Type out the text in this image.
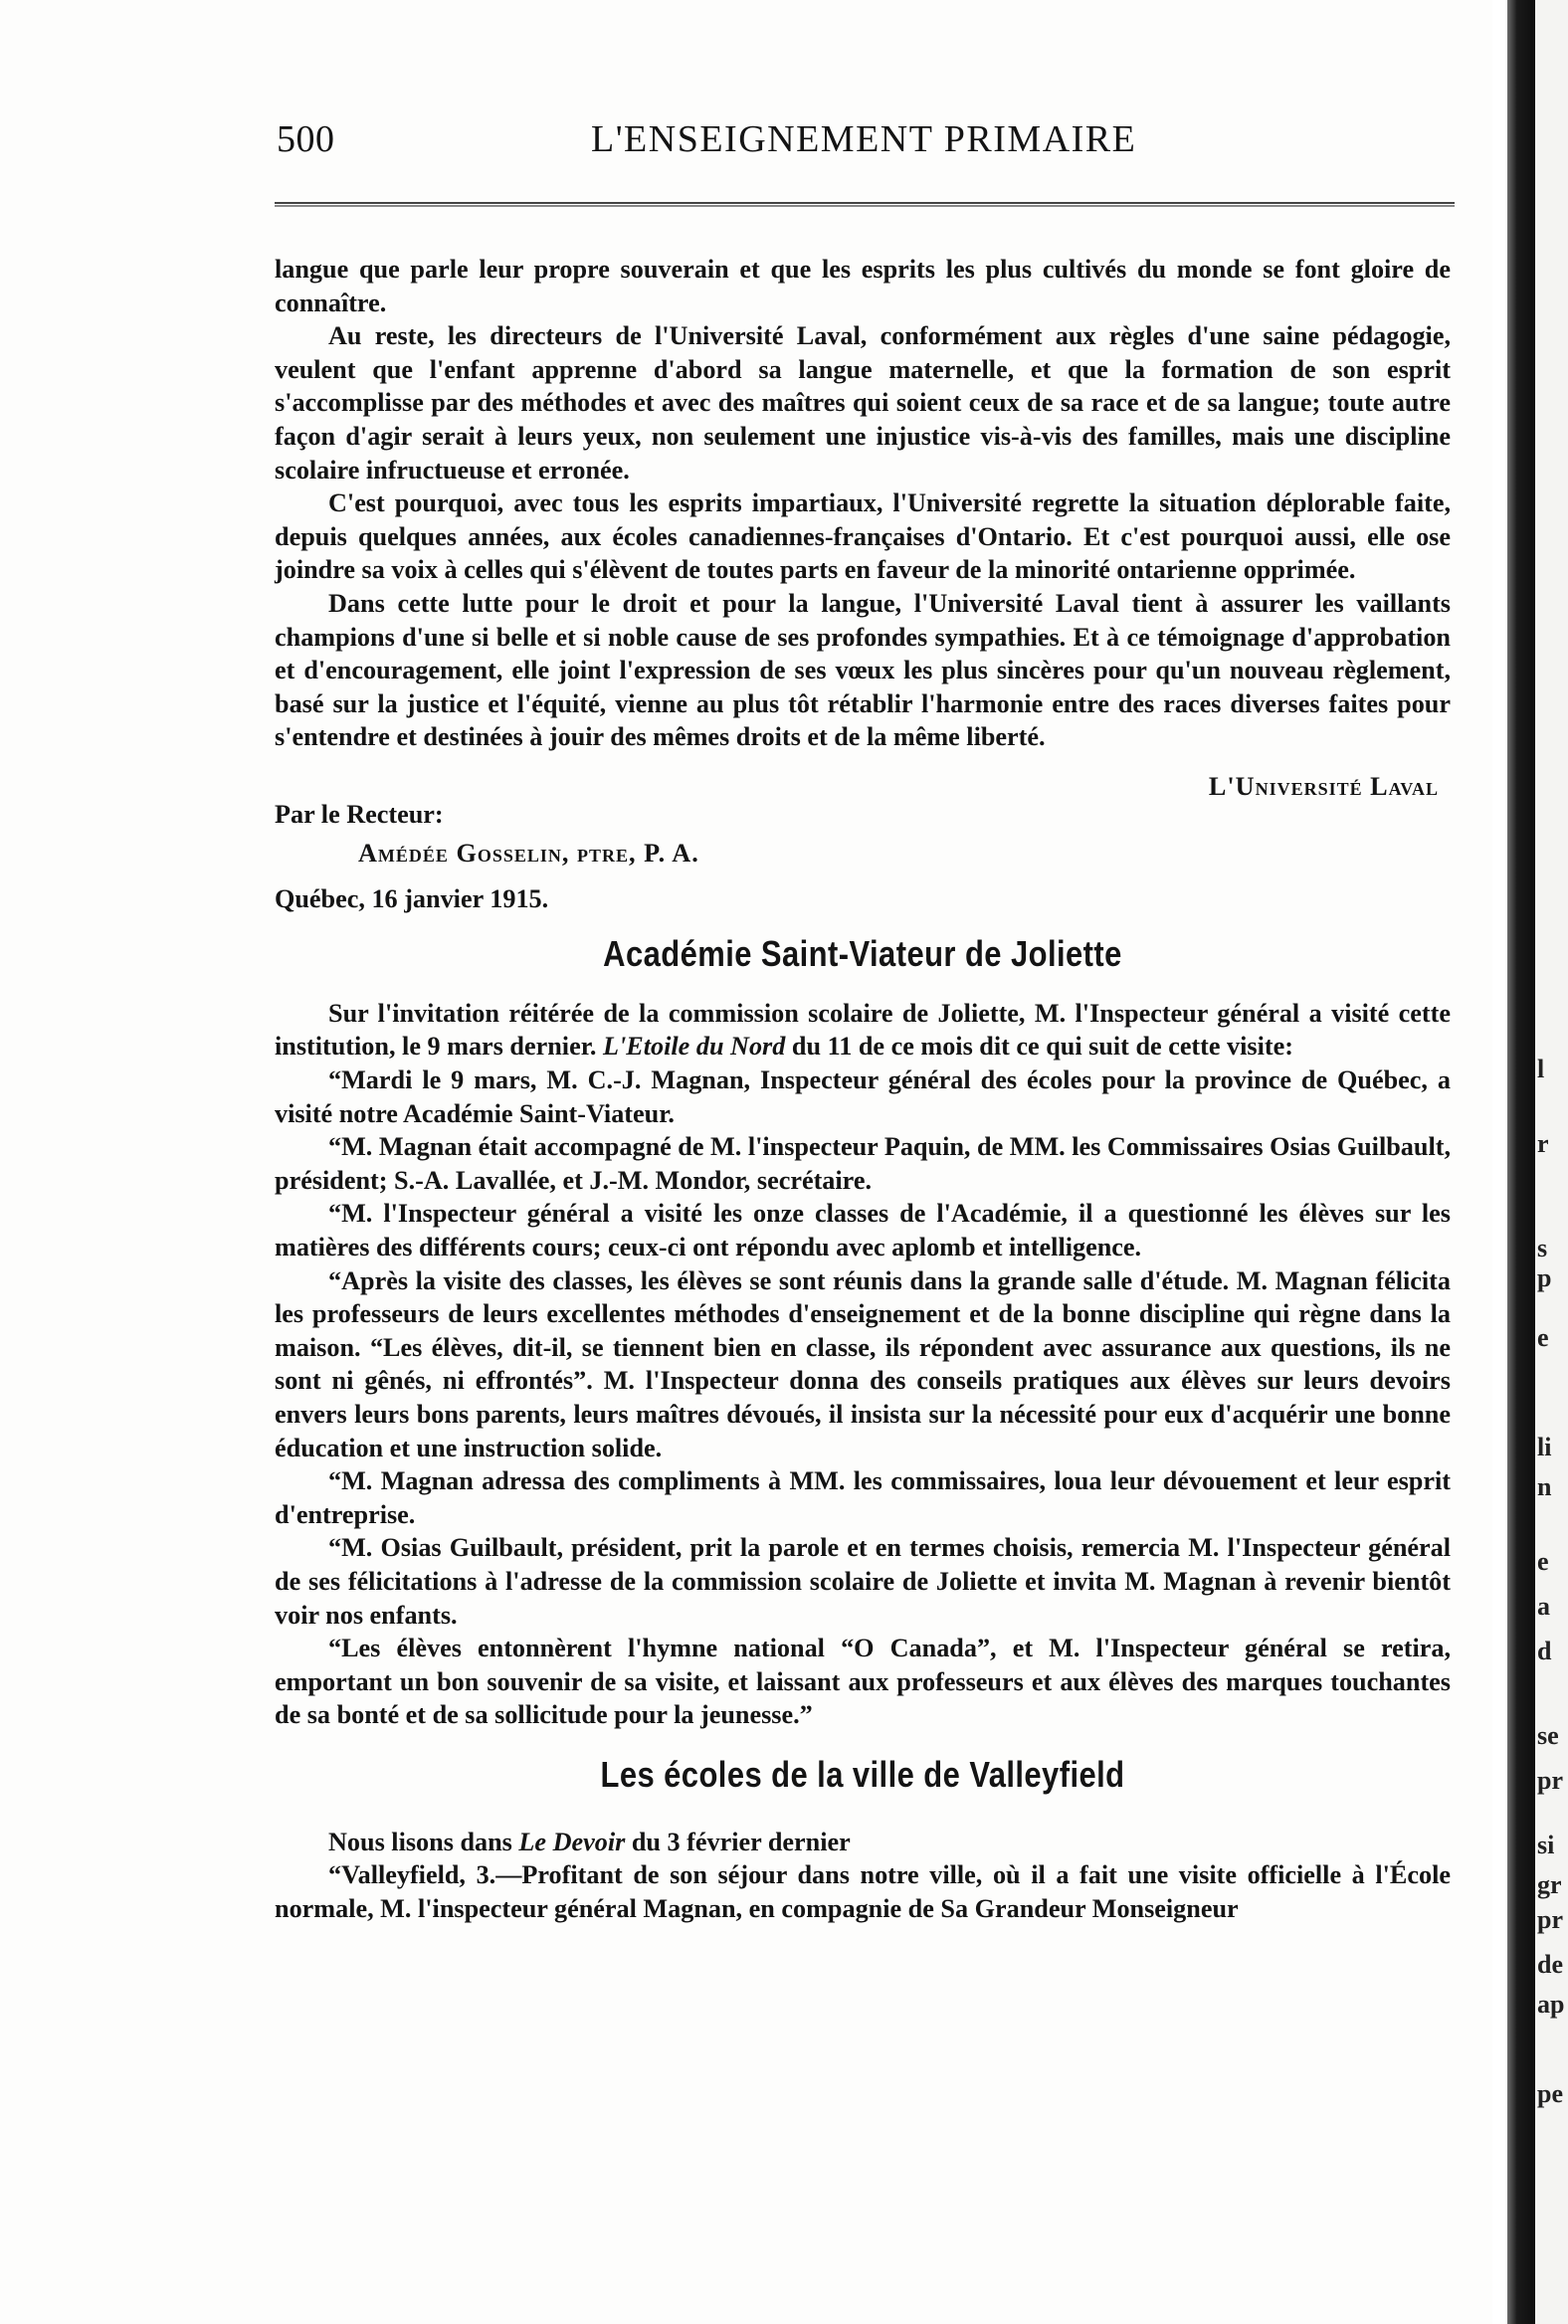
500	L'ENSEIGNEMENT PRIMAIRE

langue que parle leur propre souverain et que les esprits les plus cultivés du monde se font gloire de connaître.

Au reste, les directeurs de l'Université Laval, conformément aux règles d'une saine pédagogie, veulent que l'enfant apprenne d'abord sa langue maternelle, et que la formation de son esprit s'accomplisse par des méthodes et avec des maîtres qui soient ceux de sa race et de sa langue; toute autre façon d'agir serait à leurs yeux, non seulement une injustice vis-à-vis des familles, mais une discipline scolaire infructueuse et erronée.

C'est pourquoi, avec tous les esprits impartiaux, l'Université regrette la situation déplorable faite, depuis quelques années, aux écoles canadiennes-françaises d'Ontario. Et c'est pourquoi aussi, elle ose joindre sa voix à celles qui s'élèvent de toutes parts en faveur de la minorité ontarienne opprimée.

Dans cette lutte pour le droit et pour la langue, l'Université Laval tient à assurer les vaillants champions d'une si belle et si noble cause de ses profondes sympathies. Et à ce témoignage d'approbation et d'encouragement, elle joint l'expression de ses vœux les plus sincères pour qu'un nouveau règlement, basé sur la justice et l'équité, vienne au plus tôt rétablir l'harmonie entre des races diverses faites pour s'entendre et destinées à jouir des mêmes droits et de la même liberté.

L'Université Laval

Par le Recteur:

Amédée Gosselin, ptre, P. A.

Québec, 16 janvier 1915.

Académie Saint-Viateur de Joliette

Sur l'invitation réitérée de la commission scolaire de Joliette, M. l'Inspecteur général a visité cette institution, le 9 mars dernier. L'Etoile du Nord du 11 de ce mois dit ce qui suit de cette visite:

“Mardi le 9 mars, M. C.-J. Magnan, Inspecteur général des écoles pour la province de Québec, a visité notre Académie Saint-Viateur.

“M. Magnan était accompagné de M. l'inspecteur Paquin, de MM. les Commissaires Osias Guilbault, président; S.-A. Lavallée, et J.-M. Mondor, secrétaire.

“M. l'Inspecteur général a visité les onze classes de l'Académie, il a questionné les élèves sur les matières des différents cours; ceux-ci ont répondu avec aplomb et intelligence.

“Après la visite des classes, les élèves se sont réunis dans la grande salle d'étude. M. Magnan félicita les professeurs de leurs excellentes méthodes d'enseignement et de la bonne discipline qui règne dans la maison. “Les élèves, dit-il, se tiennent bien en classe, ils répondent avec assurance aux questions, ils ne sont ni gênés, ni effrontés”. M. l'Inspecteur donna des conseils pratiques aux élèves sur leurs devoirs envers leurs bons parents, leurs maîtres dévoués, il insista sur la nécessité pour eux d'acquérir une bonne éducation et une instruction solide.

“M. Magnan adressa des compliments à MM. les commissaires, loua leur dévouement et leur esprit d'entreprise.

“M. Osias Guilbault, président, prit la parole et en termes choisis, remercia M. l'Inspecteur général de ses félicitations à l'adresse de la commission scolaire de Joliette et invita M. Magnan à revenir bientôt voir nos enfants.

“Les élèves entonnèrent l'hymne national “O Canada”, et M. l'Inspecteur général se retira, emportant un bon souvenir de sa visite, et laissant aux professeurs et aux élèves des marques touchantes de sa bonté et de sa sollicitude pour la jeunesse.”

Les écoles de la ville de Valleyfield

Nous lisons dans Le Devoir du 3 février dernier

“Valleyfield, 3.—Profitant de son séjour dans notre ville, où il a fait une visite officielle à l'École normale, M. l'inspecteur général Magnan, en compagnie de Sa Grandeur Monseigneur

l
r
s
p
e
li
n
e
a
d
se
pr
si
gr
pr
de
ap
pe
